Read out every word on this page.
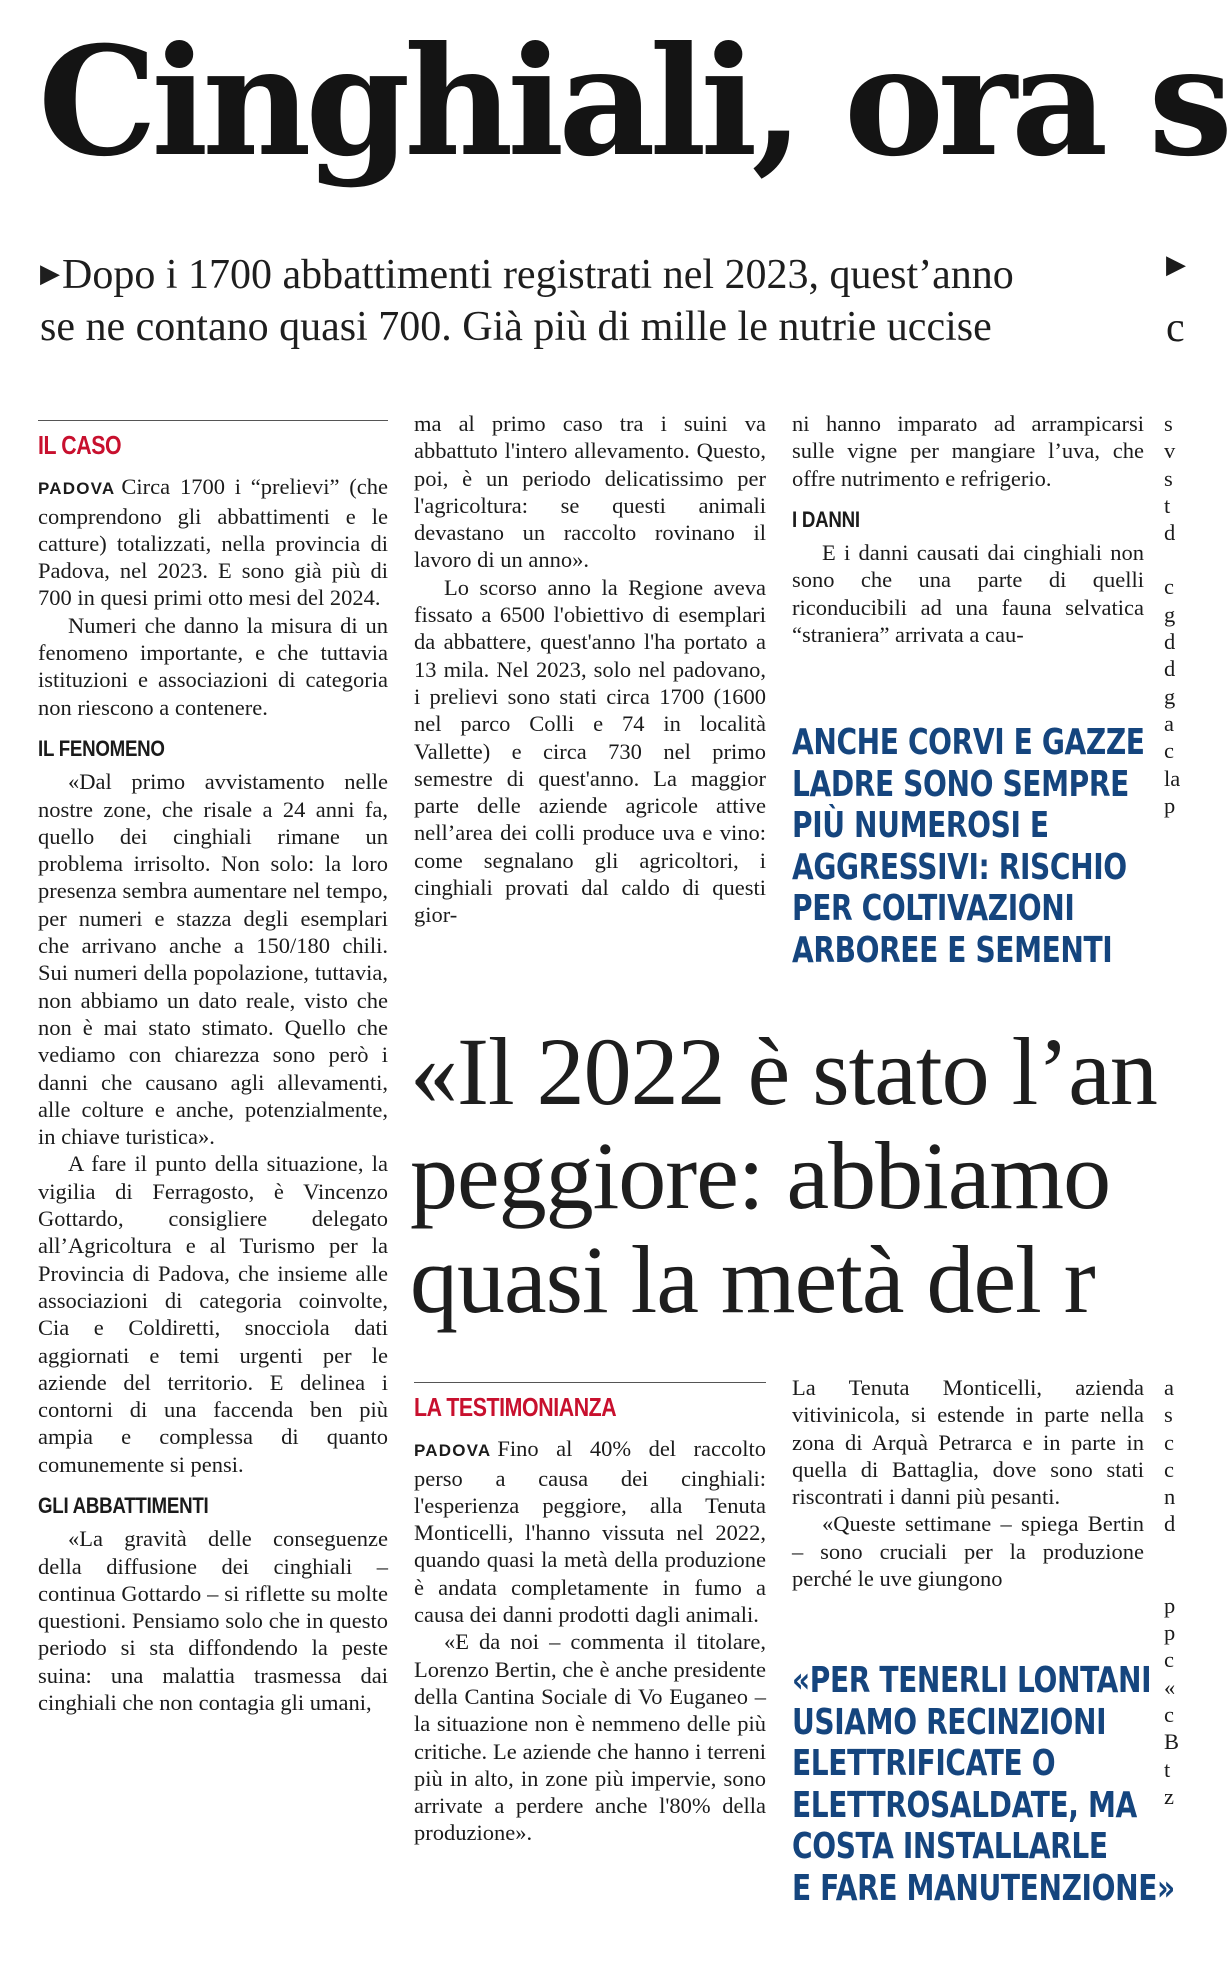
Cinghiali, ora s
▶Dopo i 1700 abbattimenti registrati nel 2023, quest’anno
se ne contano quasi 700. Già più di mille le nutrie uccise
▶
c
IL CASO

PADOVA Circa 1700 i “prelievi” (che comprendono gli abbattimenti e le catture) totalizzati, nella provincia di Padova, nel 2023. E sono già più di 700 in quesi primi otto mesi del 2024.

Numeri che danno la misura di un fenomeno importante, e che tuttavia istituzioni e associazioni di categoria non riescono a contenere.

IL FENOMENO

«Dal primo avvistamento nelle nostre zone, che risale a 24 anni fa, quello dei cinghiali rimane un problema irrisolto. Non solo: la loro presenza sembra aumentare nel tempo, per numeri e stazza degli esemplari che arrivano anche a 150/180 chili. Sui numeri della popolazione, tuttavia, non abbiamo un dato reale, visto che non è mai stato stimato. Quello che vediamo con chiarezza sono però i danni che causano agli allevamenti, alle colture e anche, potenzialmente, in chiave turistica».

A fare il punto della situazione, la vigilia di Ferragosto, è Vincenzo Gottardo, consigliere delegato all’Agricoltura e al Turismo per la Provincia di Padova, che insieme alle associazioni di categoria coinvolte, Cia e Coldiretti, snocciola dati aggiornati e temi urgenti per le aziende del territorio. E delinea i contorni di una faccenda ben più ampia e complessa di quanto comunemente si pensi.

GLI ABBATTIMENTI

«La gravità delle conseguenze della diffusione dei cinghiali – continua Gottardo – si riflette su molte questioni. Pensiamo solo che in questo periodo si sta diffondendo la peste suina: una malattia trasmessa dai cinghiali che non contagia gli umani,

ma al primo caso tra i suini va abbattuto l'intero allevamento. Questo, poi, è un periodo delicatissimo per l'agricoltura: se questi animali devastano un raccolto rovinano il lavoro di un anno».

Lo scorso anno la Regione aveva fissato a 6500 l'obiettivo di esemplari da abbattere, quest'anno l'ha portato a 13 mila. Nel 2023, solo nel padovano, i prelievi sono stati circa 1700 (1600 nel parco Colli e 74 in località Vallette) e circa 730 nel primo semestre di quest'anno. La maggior parte delle aziende agricole attive nell’area dei colli produce uva e vino: come segnalano gli agricoltori, i cinghiali provati dal caldo di questi gior-

ni hanno imparato ad arrampicarsi sulle vigne per mangiare l’uva, che offre nutrimento e refrigerio.

I DANNI

E i danni causati dai cinghiali non sono che una parte di quelli riconducibili ad una fauna selvatica “straniera” arrivata a cau-

ANCHE CORVI E GAZZE
LADRE SONO SEMPRE
PIÙ NUMEROSI E
AGGRESSIVI: RISCHIO
PER COLTIVAZIONI
ARBOREE E SEMENTI
s
v
s
t
d
c
g
d
d
g
a
c
la
p
«Il 2022 è stato l’an
peggiore: abbiamo
quasi la metà del r
LA TESTIMONIANZA

PADOVA Fino al 40% del raccolto perso a causa dei cinghiali: l'esperienza peggiore, alla Tenuta Monticelli, l'hanno vissuta nel 2022, quando quasi la metà della produzione è andata completamente in fumo a causa dei danni prodotti dagli animali.

«E da noi – commenta il titolare, Lorenzo Bertin, che è anche presidente della Cantina Sociale di Vo Euganeo – la situazione non è nemmeno delle più critiche. Le aziende che hanno i terreni più in alto, in zone più impervie, sono arrivate a perdere anche l'80% della produzione».

La Tenuta Monticelli, azienda vitivinicola, si estende in parte nella zona di Arquà Petrarca e in parte in quella di Battaglia, dove sono stati riscontrati i danni più pesanti.

«Queste settimane – spiega Bertin – sono cruciali per la produzione perché le uve giungono

«PER TENERLI LONTANI
USIAMO RECINZIONI
ELETTRIFICATE O
ELETTROSALDATE, MA
COSTA INSTALLARLE
E FARE MANUTENZIONE»
a
s
c
c
n
d
p
p
c
«
c
B
t
z
